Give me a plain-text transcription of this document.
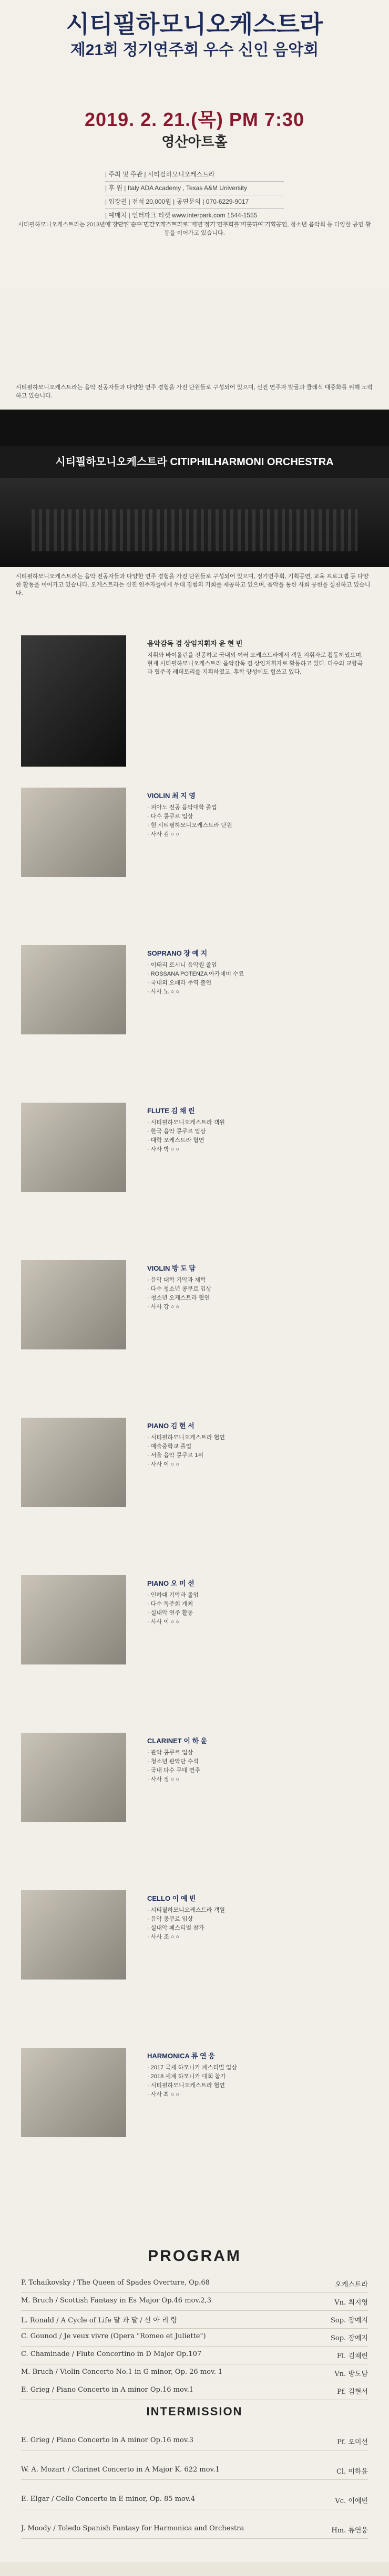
시티필하모니오케스트라
제21회 정기연주회 우수 신인 음악회
2019. 2. 21.(목) PM 7:30
영산아트홀
| 주최 및 주관 | 시티필하모니오케스트라
| 후 원 | Italy ADA Academy , Texas A&M University
| 입장권 | 전석 20,000원 | 공연문의 | 070-6229-9017
| 예매처 | 인터파크 티켓 www.interpark.com 1544-1555
시티필하모니오케스트라는 2013년에 창단된 순수 민간오케스트라로, 매년 정기 연주회를 비롯하여 기획공연, 청소년 음악회 등 다양한 공연 활동을 이어가고 있습니다.
시티필하모니오케스트라는 음악 전공자들과 다양한 연주 경험을 가진 단원들로 구성되어 있으며, 신진 연주자 발굴과 클래식 대중화를 위해 노력하고 있습니다.
시티필하모니오케스트라 CITIPHILHARMONI ORCHESTRA
시티필하모니오케스트라는 음악 전공자들과 다양한 연주 경험을 가진 단원들로 구성되어 있으며, 정기연주회, 기획공연, 교육 프로그램 등 다양한 활동을 이어가고 있습니다. 오케스트라는 신진 연주자들에게 무대 경험의 기회를 제공하고 있으며, 음악을 통한 사회 공헌을 실천하고 있습니다.
음악감독 겸 상임지휘자 윤 현 빈
지휘와 바이올린을 전공하고 국내외 여러 오케스트라에서 객원 지휘자로 활동하였으며, 현재 시티필하모니오케스트라 음악감독 겸 상임지휘자로 활동하고 있다. 다수의 교향곡과 협주곡 레퍼토리를 지휘하였고, 후학 양성에도 힘쓰고 있다.
VIOLIN 최 지 영
· 피아노 전공 음악대학 졸업
· 다수 콩쿠르 입상
· 현 시티필하모니오케스트라 단원
· 사사 김 ○ ○
SOPRANO 장 예 지
· 이태리 로시니 음악원 졸업
· ROSSANA POTENZA 아카데미 수료
· 국내외 오페라 주역 출연
· 사사 노 ○ ○
FLUTE 김 채 린
· 시티필하모니오케스트라 객원
· 한국 음악 콩쿠르 입상
· 대학 오케스트라 협연
· 사사 박 ○ ○
VIOLIN 방 도 담
· 음악 대학 기악과 재학
· 다수 청소년 콩쿠르 입상
· 청소년 오케스트라 협연
· 사사 강 ○ ○
PIANO 김 현 서
· 시티필하모니오케스트라 협연
· 예술중학교 졸업
· 서울 음악 콩쿠르 1위
· 사사 이 ○ ○
PIANO 오 미 선
· 인하대 기악과 졸업
· 다수 독주회 개최
· 실내악 연주 활동
· 사사 이 ○ ○
CLARINET 이 하 윤
· 관악 콩쿠르 입상
· 청소년 관악단 수석
· 국내 다수 무대 연주
· 사사 정 ○ ○
CELLO 이 예 빈
· 시티필하모니오케스트라 객원
· 음악 콩쿠르 입상
· 실내악 페스티벌 참가
· 사사 조 ○ ○
HARMONICA 류 연 웅
· 2017 국제 하모니카 페스티벌 입상
· 2018 세계 하모니카 대회 참가
· 시티필하모니오케스트라 협연
· 사사 최 ○ ○
PROGRAM
P. Tchaikovsky / The Queen of Spades Overture, Op.68	오케스트라
M. Bruch / Scottish Fantasy in Es Major Op.46 mov.2,3	Vn. 최지영
L. Ronald / A Cycle of Life 달 과 달 / 신 아 리 랑	Sop. 장예지
C. Gounod / Je veux vivre (Opera "Romeo et Juliette")	Sop. 장예지
C. Chaminade / Flute Concertino in D Major Op.107	Fl. 김채린
M. Bruch / Violin Concerto No.1 in G minor, Op. 26 mov. 1	Vn. 방도담
E. Grieg / Piano Concerto in A minor Op.16 mov.1	Pf. 김현서
INTERMISSION
E. Grieg / Piano Concerto in A minor Op.16 mov.3	Pf. 오미선
W. A. Mozart / Clarinet Concerto in A Major K. 622 mov.1	Cl. 이하윤
E. Elgar / Cello Concerto in E minor, Op. 85 mov.4	Vc. 이예빈
J. Moody / Toledo Spanish Fantasy for Harmonica and Orchestra	Hm. 류연웅
